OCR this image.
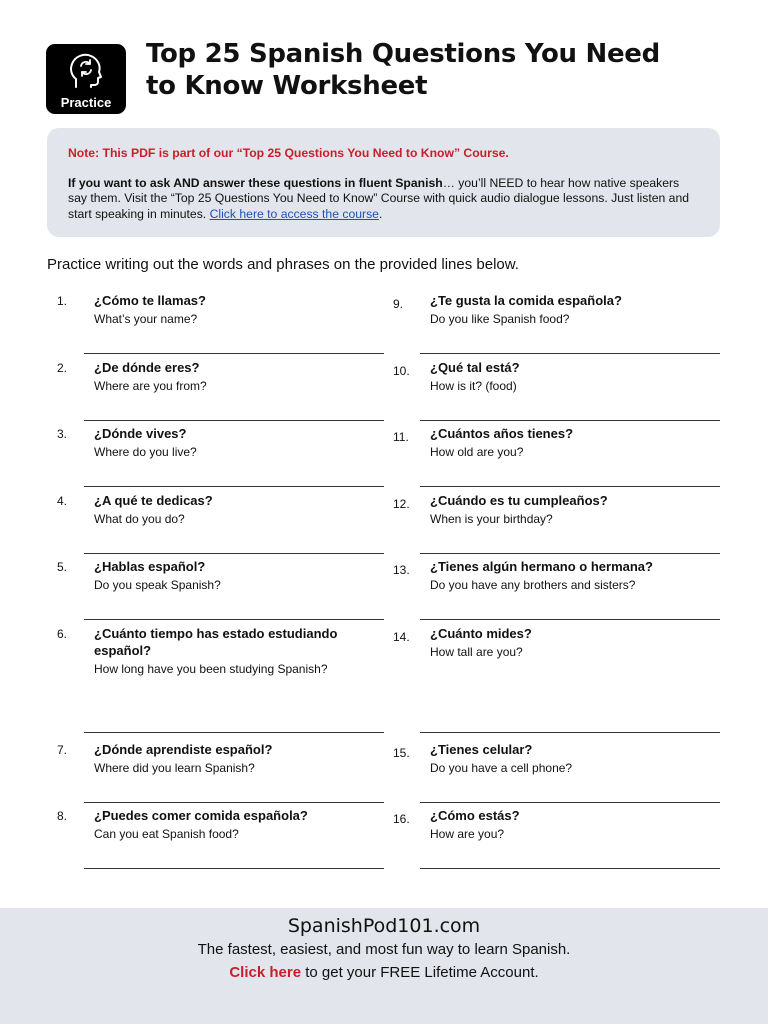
Practice
Top 25 Spanish Questions You Need
to Know Worksheet
Note: This PDF is part of our “Top 25 Questions You Need to Know” Course.
If you want to ask AND answer these questions in fluent Spanish… you’ll NEED to hear how native speakers say them. Visit the “Top 25 Questions You Need to Know” Course with quick audio dialogue lessons. Just listen and start speaking in minutes. Click here to access the course.
Practice writing out the words and phrases on the provided lines below.
1.	¿Cómo te llamas?
What’s your name?
2.	¿De dónde eres?
Where are you from?
3.	¿Dónde vives?
Where do you live?
4.	¿A qué te dedicas?
What do you do?
5.	¿Hablas español?
Do you speak Spanish?
6.	¿Cuánto tiempo has estado estudiando español?
How long have you been studying Spanish?
7.	¿Dónde aprendiste español?
Where did you learn Spanish?
8.	¿Puedes comer comida española?
Can you eat Spanish food?
9.	¿Te gusta la comida española?
Do you like Spanish food?
10.	¿Qué tal está?
How is it? (food)
11.	¿Cuántos años tienes?
How old are you?
12.	¿Cuándo es tu cumpleaños?
When is your birthday?
13.	¿Tienes algún hermano o hermana?
Do you have any brothers and sisters?
14.	¿Cuánto mides?
How tall are you?
15.	¿Tienes celular?
Do you have a cell phone?
16.	¿Cómo estás?
How are you?
SpanishPod101.com
The fastest, easiest, and most fun way to learn Spanish.
Click here to get your FREE Lifetime Account.
